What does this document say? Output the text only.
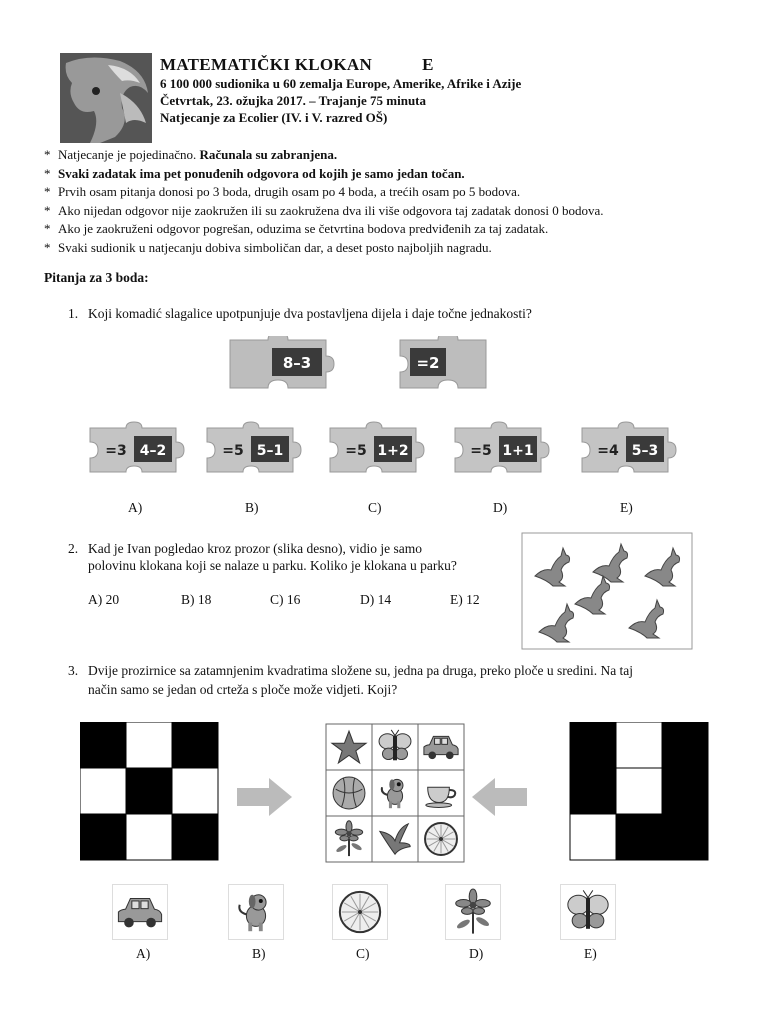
MATEMATIČKI KLOKAN	E
6 100 000 sudionika u 60 zemalja Europe, Amerike, Afrike i Azije
Četvrtak, 23. ožujka 2017. – Trajanje 75 minuta
Natjecanje za Ecolier (IV. i V. razred OŠ)
* Natjecanje je pojedinačno. Računala su zabranjena.
* Svaki zadatak ima pet ponuđenih odgovora od kojih je samo jedan točan.
* Prvih osam pitanja donosi po 3 boda, drugih osam po 4 boda, a trećih osam po 5 bodova.
* Ako nijedan odgovor nije zaokružen ili su zaokružena dva ili više odgovora taj zadatak donosi 0 bodova.
* Ako je zaokruženi odgovor pogrešan, oduzima se četvrtina bodova predviđenih za taj zadatak.
* Svaki sudionik u natjecanju dobiva simboličan dar, a deset posto najboljih nagradu.
Pitanja za 3 boda:
1. Koji komadić slagalice upotpunjuje dva postavljena dijela i daje točne jednakosti?
8–3	=2
=3 4–2
A)
=5 5–1
B)
=5 1+2
C)
=5 1+1
D)
=4 5–3
E)
2. Kad je Ivan pogledao kroz prozor (slika desno), vidio je samo
polovinu klokana koji se nalaze u parku. Koliko je klokana u parku?
A) 20	B) 18	C) 16	D) 14	E) 12
3. Dvije prozirnice sa zatamnjenim kvadratima složene su, jedna pa druga, preko ploče u sredini. Na taj
način samo se jedan od crteža s ploče može vidjeti. Koji?
A)	B)	C)	D)	E)
